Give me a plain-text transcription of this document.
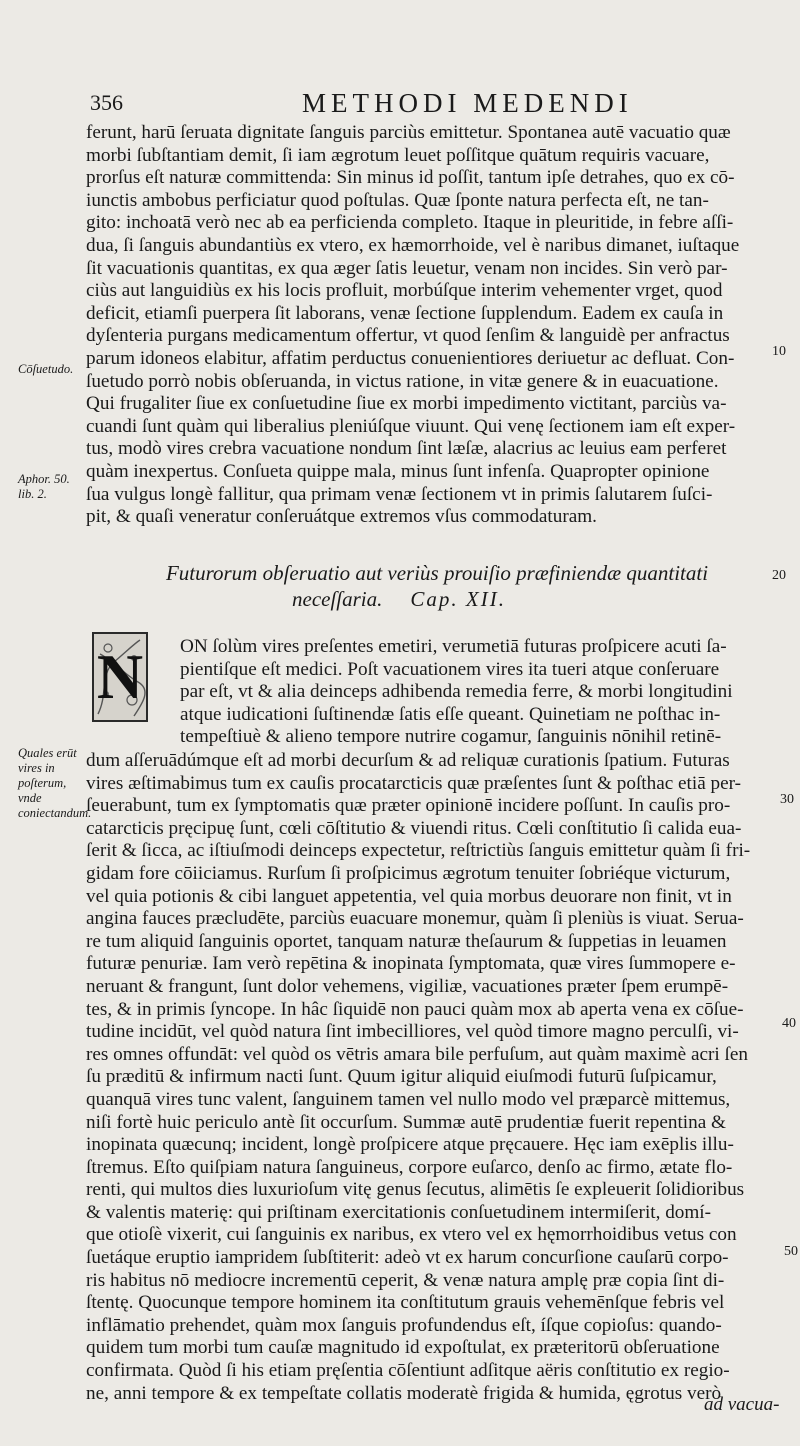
356	METHODI MEDENDI
ferunt, harū ſeruata dignitate ſanguis parciùs emittetur. Spontanea autē vacuatio quæ
morbi ſubſtantiam demit, ſi iam ægrotum leuet poſſitque quātum requiris vacuare,
prorſus eſt naturæ committenda: Sin minus id poſſit, tantum ipſe detrahes, quo ex cō-
iunctis ambobus perficiatur quod poſtulas. Quæ ſponte natura perfecta eſt, ne tan-
gito: inchoatā verò nec ab ea perficienda completo. Itaque in pleuritide, in febre aſſi-
dua, ſi ſanguis abundantiùs ex vtero, ex hæmorrhoide, vel è naribus dimanet, iuſtaque
ſit vacuationis quantitas, ex qua æger ſatis leuetur, venam non incides. Sin verò par-
ciùs aut languidiùs ex his locis profluit, morbúſque interim vehementer vrget, quod
deficit, etiamſi puerpera ſit laborans, venæ ſectione ſupplendum. Eadem ex cauſa in
dyſenteria purgans medicamentum offertur, vt quod ſenſim & languidè per anfractus
parum idoneos elabitur, affatim perductus conuenientiores deriuetur ac defluat. Con-
ſuetudo porrò nobis obſeruanda, in victus ratione, in vitæ genere & in euacuatione.
Qui frugaliter ſiue ex conſuetudine ſiue ex morbi impedimento victitant, parciùs va-
cuandi ſunt quàm qui liberalius pleniúſque viuunt. Qui venę ſectionem iam eſt exper-
tus, modò vires crebra vacuatione nondum ſint læſæ, alacrius ac leuius eam perferet
quàm inexpertus. Conſueta quippe mala, minus ſunt infenſa. Quapropter opinione
ſua vulgus longè fallitur, qua primam venæ ſectionem vt in primis ſalutarem ſuſci-
pit, & quaſi veneratur conſeruátque extremos vſus commodaturam.
Futurorum obſeruatio aut veriùs prouiſio præfiniendæ quantitati
neceſſaria. Cap. XII.
N ON ſolùm vires preſentes emetiri, verumetiā futuras proſpicere acuti ſa-
pientiſque eſt medici. Poſt vacuationem vires ita tueri atque conſeruare
par eſt, vt & alia deinceps adhibenda remedia ferre, & morbi longitudini
atque iudicationi ſuſtinendæ ſatis eſſe queant. Quinetiam ne poſthac in-
tempeſtiuè & alieno tempore nutrire cogamur, ſanguinis nōnihil retinē-
dum aſſeruādúmque eſt ad morbi decurſum & ad reliquæ curationis ſpatium. Futuras
vires æſtimabimus tum ex cauſis procatarcticis quæ præſentes ſunt & poſthac etiā per-
ſeuerabunt, tum ex ſymptomatis quæ præter opinionē incidere poſſunt. In cauſis pro-
catarcticis pręcipuę ſunt, cœli cōſtitutio & viuendi ritus. Cœli conſtitutio ſi calida eua-
ſerit & ſicca, ac iſtiuſmodi deinceps expectetur, reſtrictiùs ſanguis emittetur quàm ſi fri-
gidam fore cōiiciamus. Rurſum ſi proſpicimus ægrotum tenuiter ſobriéque victurum,
vel quia potionis & cibi languet appetentia, vel quia morbus deuorare non finit, vt in
angina fauces præcludēte, parciùs euacuare monemur, quàm ſi pleniùs is viuat. Serua-
re tum aliquid ſanguinis oportet, tanquam naturæ theſaurum & ſuppetias in leuamen
futuræ penuriæ. Iam verò repētina & inopinata ſymptomata, quæ vires ſummopere e-
neruant & frangunt, ſunt dolor vehemens, vigiliæ, vacuationes præter ſpem erumpē-
tes, & in primis ſyncope. In hâc ſiquidē non pauci quàm mox ab aperta vena ex cōſue-
tudine incidūt, vel quòd natura ſint imbecilliores, vel quòd timore magno perculſi, vi-
res omnes offundāt: vel quòd os vētris amara bile perfuſum, aut quàm maximè acri ſen
ſu præditū & infirmum nacti ſunt. Quum igitur aliquid eiuſmodi futurū ſuſpicamur,
quanquā vires tunc valent, ſanguinem tamen vel nullo modo vel præparcè mittemus,
niſi fortè huic periculo antè ſit occurſum. Summæ autē prudentiæ fuerit repentina &
inopinata quæcunq; incident, longè proſpicere atque pręcauere. Hęc iam exēplis illu-
ſtremus. Eſto quiſpiam natura ſanguineus, corpore euſarco, denſo ac firmo, ætate flo-
renti, qui multos dies luxurioſum vitę genus ſecutus, alimētis ſe expleuerit ſolidioribus
& valentis materię: qui priſtinam exercitationis conſuetudinem intermiſerit, domí-
que otioſè vixerit, cui ſanguinis ex naribus, ex vtero vel ex hęmorrhoidibus vetus con
ſuetáque eruptio iampridem ſubſtiterit: adeò vt ex harum concurſione cauſarū corpo-
ris habitus nō mediocre incrementū ceperit, & venæ natura amplę præ copia ſint di-
ſtentę. Quocunque tempore hominem ita conſtitutum grauis vehemēnſque febris vel
inflāmatio prehendet, quàm mox ſanguis profundendus eſt, íſque copioſus: quando-
quidem tum morbi tum cauſæ magnitudo id expoſtulat, ex præteritorū obſeruatione
confirmata. Quòd ſi his etiam pręſentia cōſentiunt adſitque aëris conſtitutio ex regio-
ne, anni tempore & ex tempeſtate collatis moderatè frigida & humida, ęgrotus verò
ad vacua-
Cōſuetudo.
Aphor. 50. lib. 2.
Quales erūt vires in poſterum, vnde coniectandum.
10
20
30
40
50
